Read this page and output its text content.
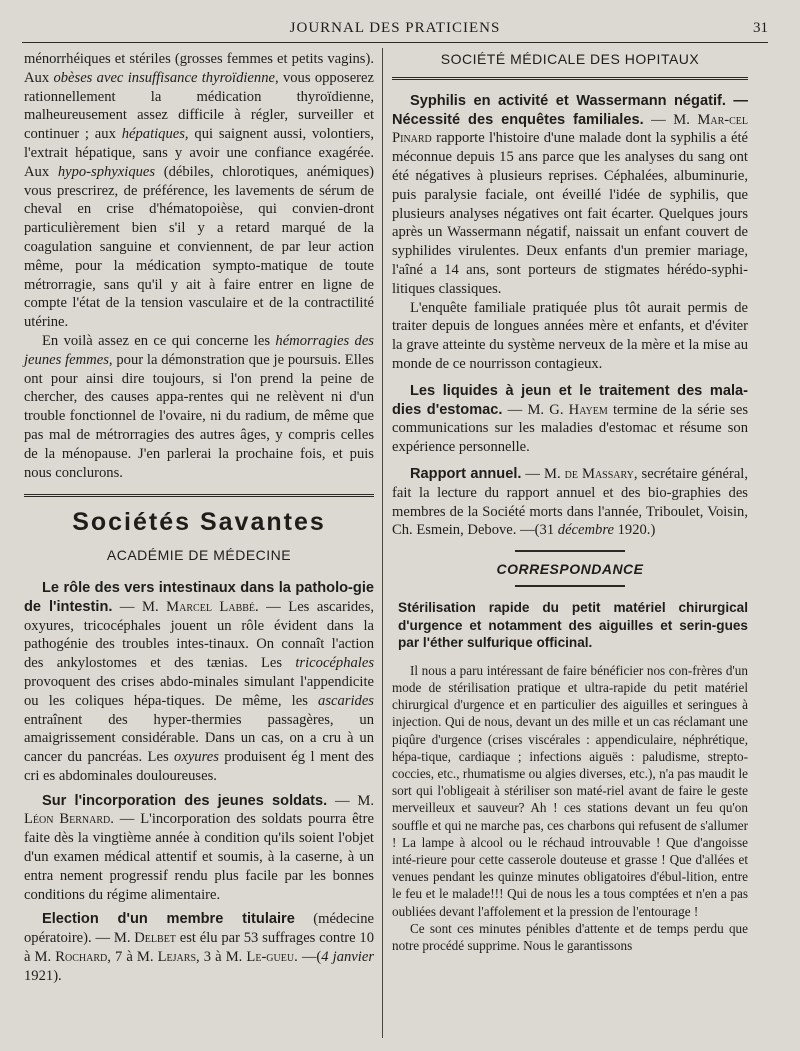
JOURNAL DES PRATICIENS	31

ménorrhéiques et stériles (grosses femmes et petits vagins). Aux obèses avec insuffisance thyroïdienne, vous opposerez rationnellement la médication thyroïdienne, malheureusement assez difficile à régler, surveiller et continuer ; aux hépatiques, qui saignent aussi, volontiers, l'extrait hépatique, sans y avoir une confiance exagérée. Aux hypo-sphyxiques (débiles, chlorotiques, anémiques) vous prescrirez, de préférence, les lavements de sérum de cheval en crise d'hématopoièse, qui convien-dront particulièrement bien s'il y a retard marqué de la coagulation sanguine et conviennent, de par leur action même, pour la médication sympto-matique de toute métrorragie, sans qu'il y ait à faire entrer en ligne de compte l'état de la tension vasculaire et de la contractilité utérine.

En voilà assez en ce qui concerne les hémorragies des jeunes femmes, pour la démonstration que je poursuis. Elles ont pour ainsi dire toujours, si l'on prend la peine de chercher, des causes appa-rentes qui ne relèvent ni d'un trouble fonctionnel de l'ovaire, ni du radium, de même que pas mal de métrorragies des autres âges, y compris celles de la ménopause. J'en parlerai la prochaine fois, et puis nous conclurons.

Sociétés Savantes
ACADÉMIE DE MÉDECINE

Le rôle des vers intestinaux dans la patholo-gie de l'intestin. — M. Marcel Labbé. — Les ascarides, oxyures, tricocéphales jouent un rôle évident dans la pathogénie des troubles intes-tinaux. On connaît l'action des ankylostomes et des tænias. Les tricocéphales provoquent des crises abdo-minales simulant l'appendicite ou les coliques hépa-tiques. De même, les ascarides entraînent des hyper-thermies passagères, un amaigrissement considérable. Dans un cas, on a cru à un cancer du pancréas. Les oxyures produisent ég l ment des cri es abdominales douloureuses.

Sur l'incorporation des jeunes soldats. — M. Léon Bernard. — L'incorporation des soldats pourra être faite dès la vingtième année à condition qu'ils soient l'objet d'un examen médical attentif et soumis, à la caserne, à un entra nement progressif rendu plus facile par les bonnes conditions du régime alimentaire.

Election d'un membre titulaire (médecine opératoire). — M. Delbet est élu par 53 suffrages contre 10 à M. Rochard, 7 à M. Lejars, 3 à M. Le-gueu. —(4 janvier 1921).

SOCIÉTÉ MÉDICALE DES HOPITAUX

Syphilis en activité et Wassermann négatif. — Nécessité des enquêtes familiales. — M. Mar-cel Pinard rapporte l'histoire d'une malade dont la syphilis a été méconnue depuis 15 ans parce que les analyses du sang ont été négatives à plusieurs reprises. Céphalées, albuminurie, puis paralysie faciale, ont éveillé l'idée de syphilis, que plusieurs analyses négatives ont fait écarter. Quelques jours après un Wassermann négatif, naissait un enfant couvert de syphilides virulentes. Deux enfants d'un premier mariage, l'aîné a 14 ans, sont porteurs de stigmates hérédo-syphi-litiques classiques.

L'enquête familiale pratiquée plus tôt aurait permis de traiter depuis de longues années mère et enfants, et d'éviter la grave atteinte du système nerveux de la mère et la mise au monde de ce nourrisson contagieux.

Les liquides à jeun et le traitement des mala-dies d'estomac. — M. G. Hayem termine de la série ses communications sur les maladies d'estomac et résume son expérience personnelle.

Rapport annuel. — M. de Massary, secrétaire général, fait la lecture du rapport annuel et des bio-graphies des membres de la Société morts dans l'année, Triboulet, Voisin, Ch. Esmein, Debove. —(31 décembre 1920.)

CORRESPONDANCE

Stérilisation rapide du petit matériel chirurgical d'urgence et notamment des aiguilles et serin-gues par l'éther sulfurique officinal.

Il nous a paru intéressant de faire bénéficier nos con-frères d'un mode de stérilisation pratique et ultra-rapide du petit matériel chirurgical d'urgence et en particulier des aiguilles et seringues à injection. Qui de nous, devant un des mille et un cas réclamant une piqûre d'urgence (crises viscérales : appendiculaire, néphrétique, hépa-tique, cardiaque ; infections aiguës : paludisme, strepto-coccies, etc., rhumatisme ou algies diverses, etc.), n'a pas maudit le sort qui l'obligeait à stériliser son maté-riel avant de faire le geste merveilleux et sauveur? Ah ! ces stations devant un feu qu'on souffle et qui ne marche pas, ces charbons qui refusent de s'allumer ! La lampe à alcool ou le réchaud introuvable ! Que d'angoisse inté-rieure pour cette casserole douteuse et grasse ! Que d'allées et venues pendant les quinze minutes obligatoires d'ébul-lition, entre le feu et le malade!!! Qui de nous les a tous comptées et n'en a pas oubliées devant l'affolement et la pression de l'entourage !

Ce sont ces minutes pénibles d'attente et de temps perdu que notre procédé supprime. Nous le garantissons
